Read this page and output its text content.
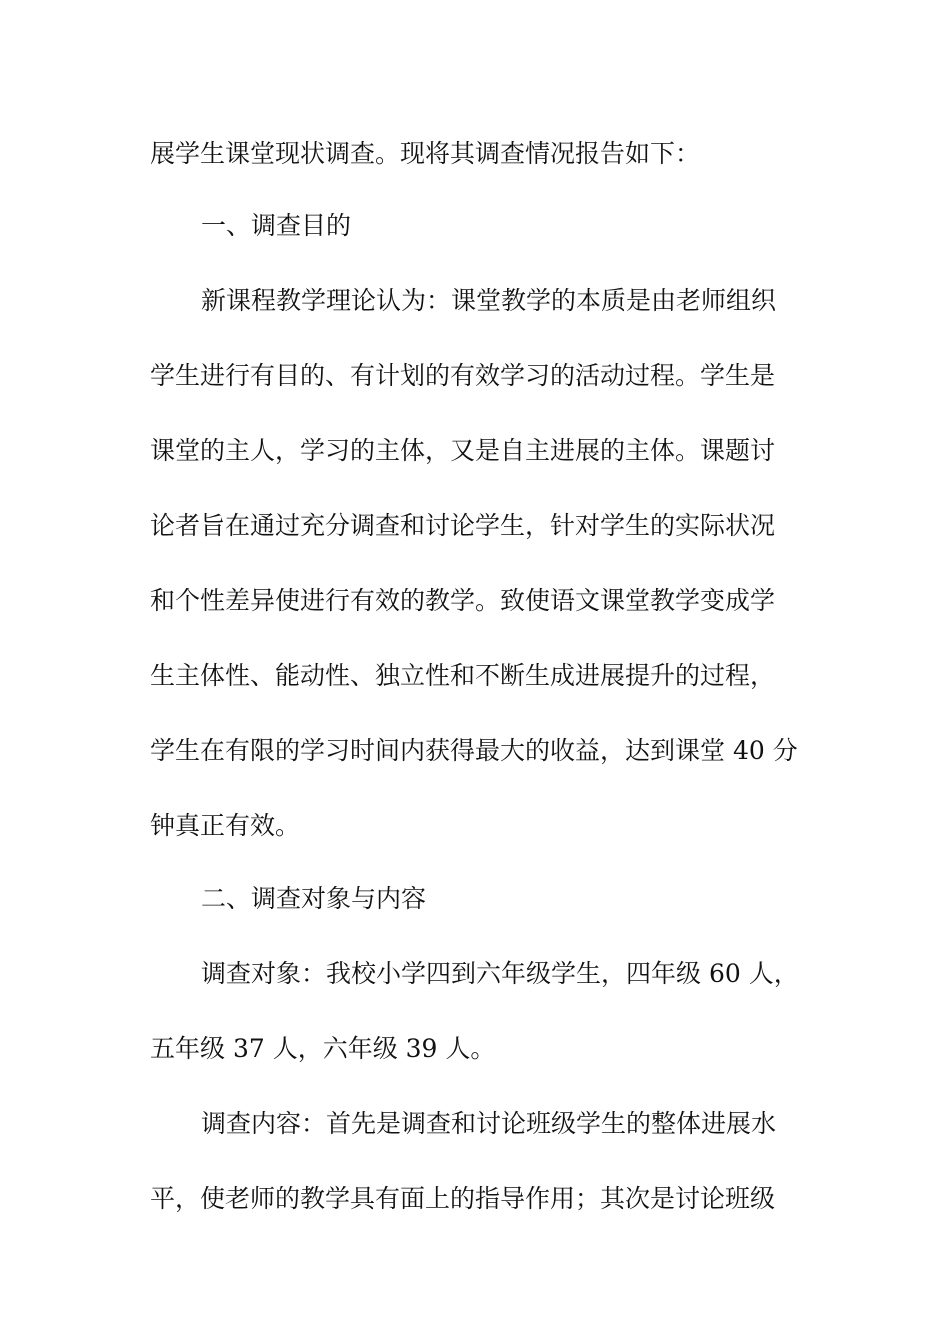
展学生课堂现状调查。现将其调查情况报告如下：
一、调查目的
新课程教学理论认为：课堂教学的本质是由老师组织
学生进行有目的、有计划的有效学习的活动过程。学生是
课堂的主人，学习的主体，又是自主进展的主体。课题讨
论者旨在通过充分调查和讨论学生，针对学生的实际状况
和个性差异使进行有效的教学。致使语文课堂教学变成学
生主体性、能动性、独立性和不断生成进展提升的过程，
学生在有限的学习时间内获得最大的收益，达到课堂 40 分
钟真正有效。
二、调查对象与内容
调查对象：我校小学四到六年级学生，四年级 60 人，
五年级 37 人，六年级 39 人。
调查内容：首先是调查和讨论班级学生的整体进展水
平，使老师的教学具有面上的指导作用；其次是讨论班级
